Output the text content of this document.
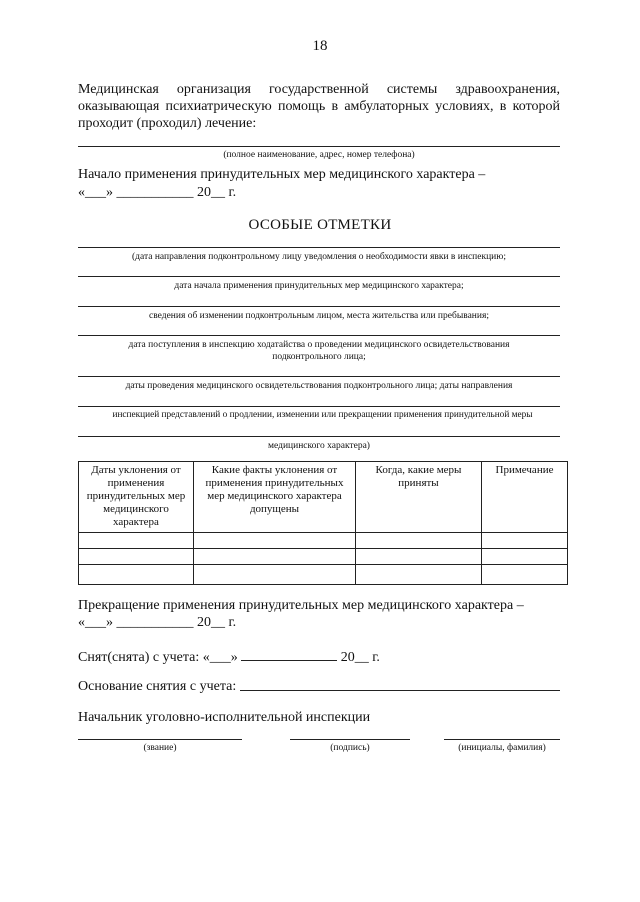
18
Медицинская организация государственной системы здравоохранения,
оказывающая психиатрическую помощь в амбулаторных условиях, в которой
проходит (проходил) лечение:
(полное наименование, адрес, номер телефона)
Начало применения принудительных мер медицинского характера –
«___» ___________ 20__ г.
ОСОБЫЕ ОТМЕТКИ
(дата направления подконтрольному лицу уведомления о необходимости явки в инспекцию;
дата начала применения принудительных мер медицинского характера;
сведения об изменении подконтрольным лицом, места жительства или пребывания;
дата поступления в инспекцию ходатайства о проведении медицинского освидетельствования
подконтрольного лица;
даты проведения медицинского освидетельствования подконтрольного лица; даты направления
инспекцией представлений о продлении, изменении или прекращении применения принудительной меры
медицинского характера)
Даты уклонения от применения принудительных мер медицинского характера	Какие факты уклонения от применения принудительных мер медицинского характера допущены	Когда, какие меры приняты	Примечание

Прекращение применения принудительных мер медицинского характера –
«___» ___________ 20__ г.
Снят(снята) с учета: «___»	20__ г.
Основание снятия с учета:
Начальник уголовно-исполнительной инспекции
(звание)	(подпись)	(инициалы, фамилия)
